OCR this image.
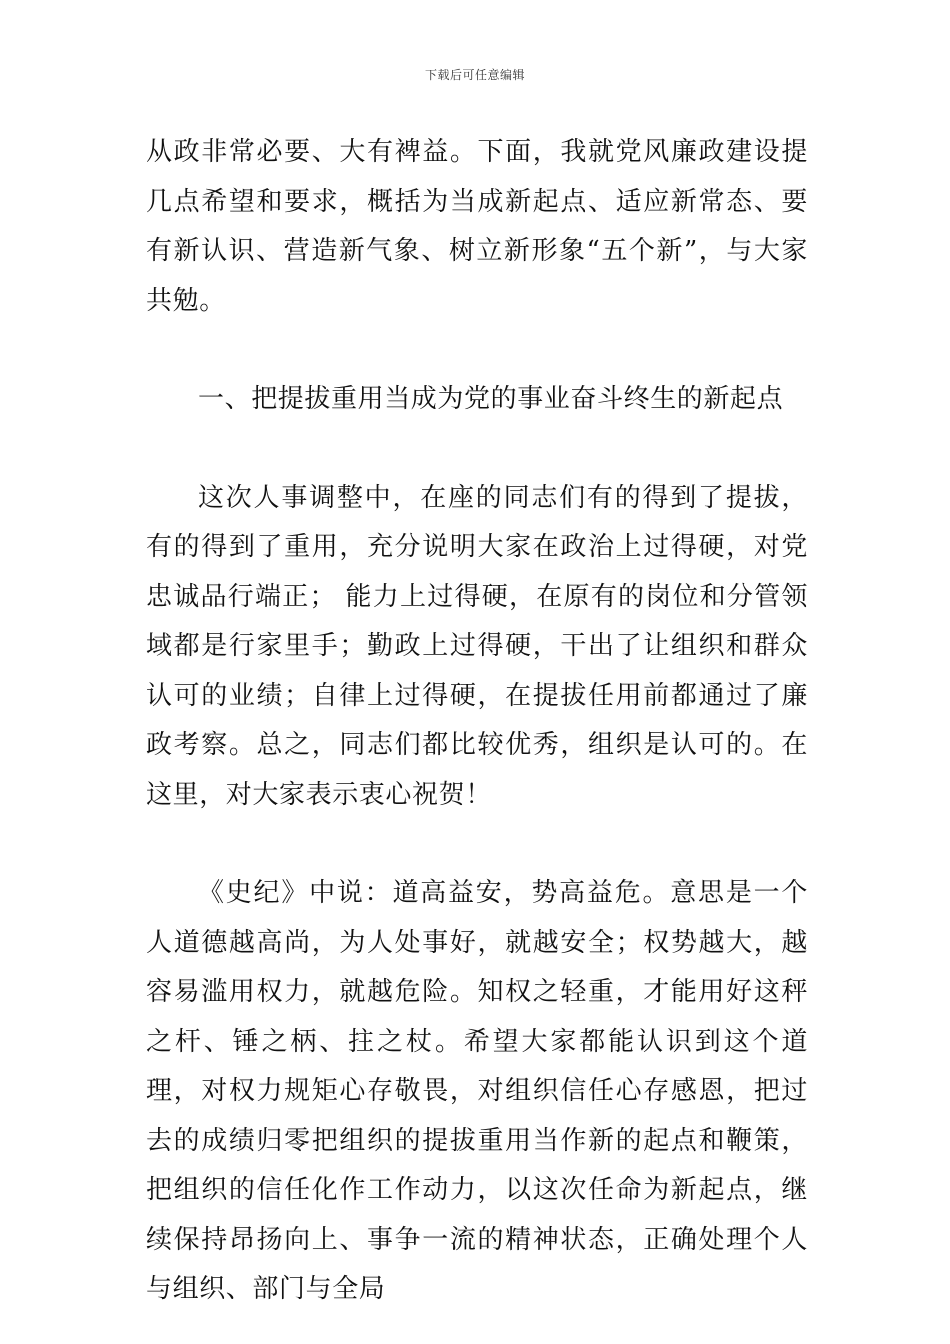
下载后可任意编辑

从政非常必要、大有裨益。下面，我就党风廉政建设提几点希望和要求，概括为当成新起点、适应新常态、要有新认识、营造新气象、树立新形象“五个新”，与大家共勉。

一、把提拔重用当成为党的事业奋斗终生的新起点

这次人事调整中，在座的同志们有的得到了提拔，有的得到了重用，充分说明大家在政治上过得硬，对党忠诚品行端正； 能力上过得硬，在原有的岗位和分管领域都是行家里手；勤政上过得硬，干出了让组织和群众认可的业绩；自律上过得硬，在提拔任用前都通过了廉政考察。总之，同志们都比较优秀，组织是认可的。在这里，对大家表示衷心祝贺！

《史纪》中说：道高益安，势高益危。意思是一个人道德越高尚，为人处事好，就越安全；权势越大，越容易滥用权力，就越危险。知权之轻重，才能用好这秤之杆、锤之柄、拄之杖。希望大家都能认识到这个道理，对权力规矩心存敬畏，对组织信任心存感恩，把过去的成绩归零把组织的提拔重用当作新的起点和鞭策，把组织的信任化作工作动力，以这次任命为新起点，继续保持昂扬向上、事争一流的精神状态，正确处理个人与组织、部门与全局
